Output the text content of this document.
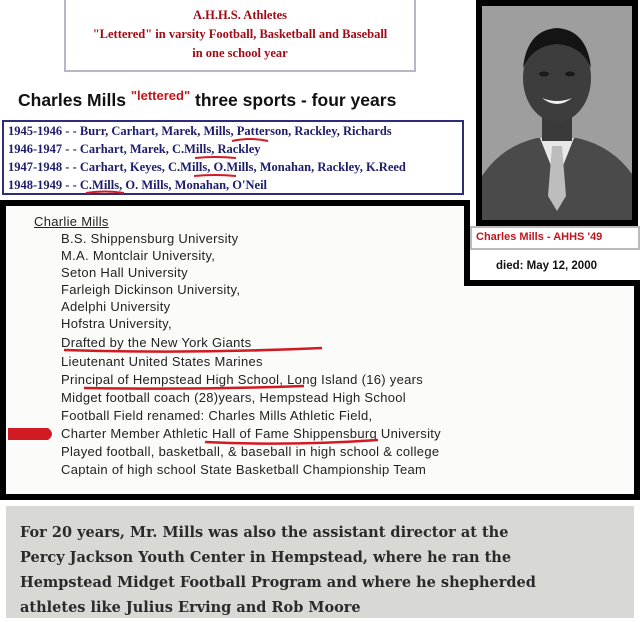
A.H.H.S. Athletes
"Lettered" in varsity Football, Basketball and Baseball
in one school year
Charles Mills $^{"lettered"}$ three sports - four years
1945-1946 - - Burr, Carhart, Marek, Mills, Patterson, Rackley, Richards
1946-1947 - - Carhart, Marek, C.Mills, Rackley
1947-1948 - - Carhart, Keyes, C.Mills, O.Mills, Monahan, Rackley, K.Reed
1948-1949 - - C.Mills, O. Mills, Monahan, O'Neil
Charles Mills - AHHS '49
died: May 12, 2000
Charlie Mills
B.S. Shippensburg University
M.A. Montclair University,
Seton Hall University
Farleigh Dickinson University,
Adelphi University
Hofstra University,
Drafted by the New York Giants
Lieutenant United States Marines
Principal of Hempstead High School, Long Island (16) years
Midget football coach (28)years, Hempstead High School
Football Field renamed: Charles Mills Athletic Field,
Charter Member Athletic Hall of Fame Shippensburg University
Played football, basketball, & baseball in high school & college
Captain of high school State Basketball Championship Team
For 20 years, Mr. Mills was also the assistant director at the
Percy Jackson Youth Center in Hempstead, where he ran the
Hempstead Midget Football Program and where he shepherded
athletes like Julius Erving and Rob Moore
